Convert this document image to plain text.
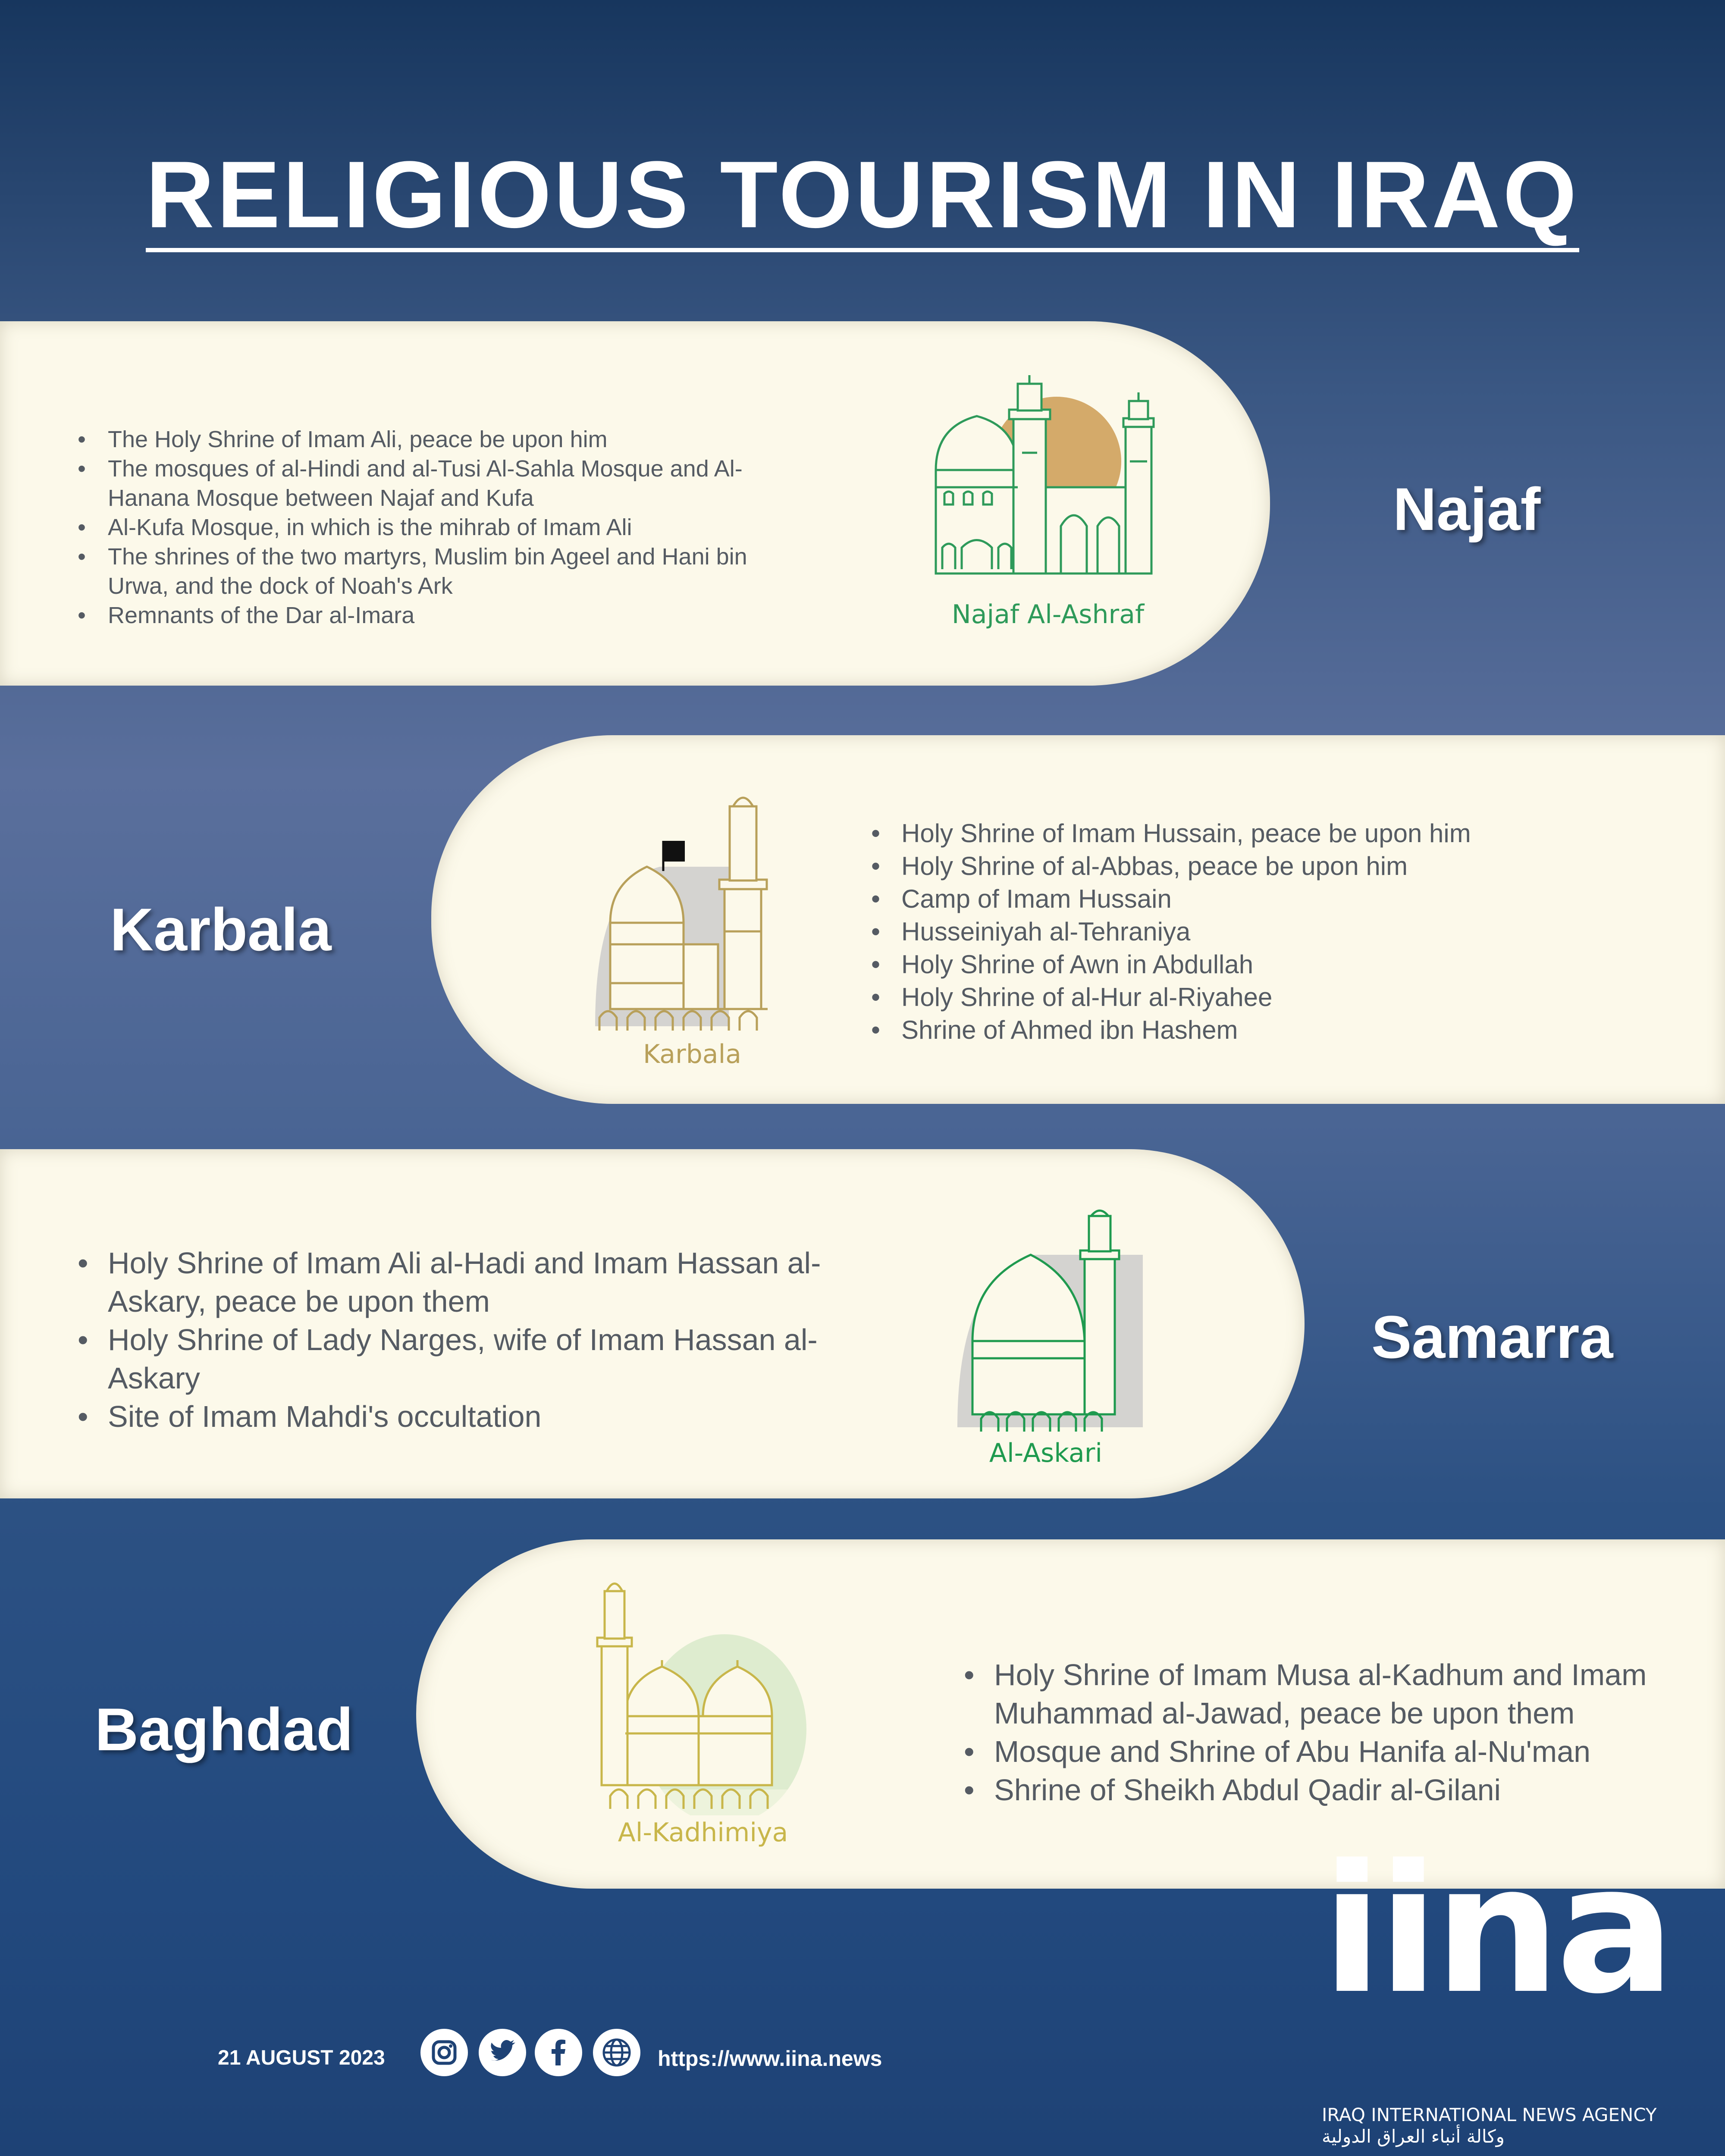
RELIGIOUS TOURISM IN IRAQ
• The Holy Shrine of Imam Ali, peace be upon him
• The mosques of al-Hindi and al-Tusi Al-Sahla Mosque and Al-Hanana Mosque between Najaf and Kufa
• Al-Kufa Mosque, in which is the mihrab of Imam Ali
• The shrines of the two martyrs, Muslim bin Ageel and Hani bin Urwa, and the dock of Noah's Ark
• Remnants of the Dar al-Imara	Najaf Al-Ashraf
Najaf
Karbala
Karbala
• Holy Shrine of Imam Hussain, peace be upon him
• Holy Shrine of al-Abbas, peace be upon him
• Camp of Imam Hussain
• Husseiniyah al-Tehraniya
• Holy Shrine of Awn in Abdullah
• Holy Shrine of al-Hur al-Riyahee
• Shrine of Ahmed ibn Hashem
• Holy Shrine of Imam Ali al-Hadi and Imam Hassan al-Askary, peace be upon them
• Holy Shrine of Lady Narges, wife of Imam Hassan al-Askary
• Site of Imam Mahdi's occultation
Al-Askari
Samarra
Baghdad
Al-Kadhimiya
• Holy Shrine of Imam Musa al-Kadhum and Imam Muhammad al-Jawad, peace be upon them
• Mosque and Shrine of Abu Hanifa al-Nu'man
• Shrine of Sheikh Abdul Qadir al-Gilani
21 AUGUST 2023	https://www.iina.news
iina
IRAQ INTERNATIONAL NEWS AGENCY
وكالة أنباء العراق الدولية
